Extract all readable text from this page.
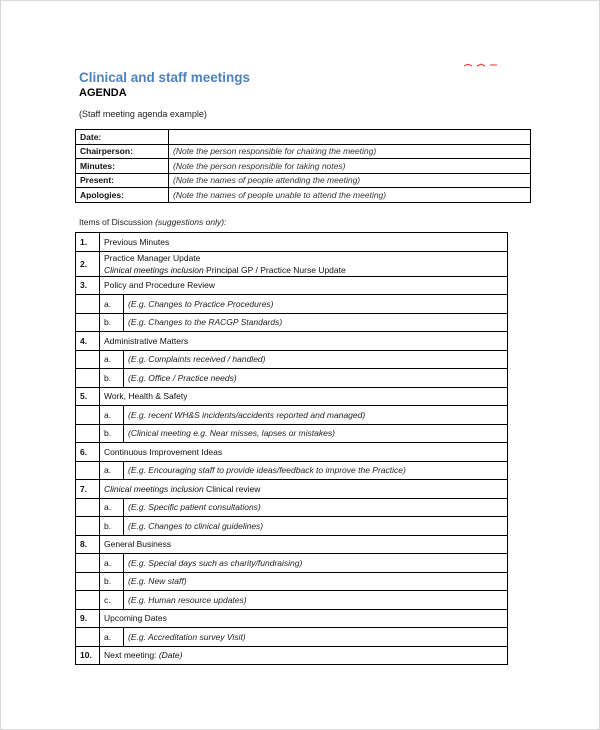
Clinical and staff meetings
AGENDA
(Staff meeting agenda example)
Date:	
Chairperson:	(Note the person responsible for chairing the meeting)
Minutes:	(Note the person responsible for taking notes)
Present:	(Note the names of people attending the meeting)
Apologies:	(Note the names of people unable to attend the meeting)
Items of Discussion (suggestions only):
1.	Previous Minutes	
2.	Practice Manager Update
Clinical meetings inclusion Principal GP / Practice Nurse Update	

3.	Policy and Procedure Review	
	a.	(E.g. Changes to Practice Procedures)
	b.	(E.g. Changes to the RACGP Standards)
4.	Administrative Matters	
	a.	(E.g. Complaints received / handled)
	b.	(E.g. Office / Practice needs)
5.	Work, Health & Safety	
	a.	(E.g. recent WH&S incidents/accidents reported and managed)
	b.	(Clinical meeting e.g. Near misses, lapses or mistakes)
6.	Continuous Improvement Ideas	
	a.	(E.g. Encouraging staff to provide ideas/feedback to improve the Practice)
7.	Clinical meetings inclusion Clinical review	
	a.	(E.g. Specific patient consultations)
	b.	(E.g. Changes to clinical guidelines)
8.	General Business	
	a.	(E.g. Special days such as charity/fundraising)
	b.	(E.g. New staff)
	c.	(E.g. Human resource updates)
9.	Upcoming Dates	
	a.	(E.g. Accreditation survey Visit)
10.	Next meeting: (Date)	
